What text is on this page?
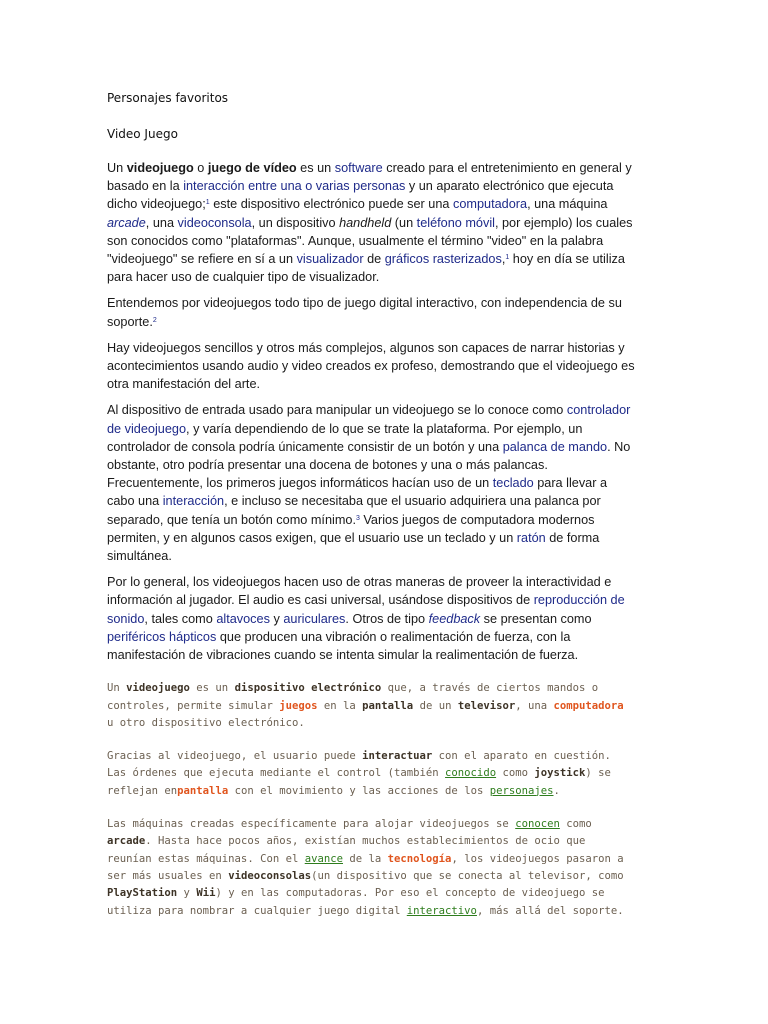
Personajes favoritos

Video Juego

Un videojuego o juego de vídeo es un software creado para el entretenimiento en general y basado en la interacción entre una o varias personas y un aparato electrónico que ejecuta dicho videojuego;$^1$ este dispositivo electrónico puede ser una computadora, una máquina arcade, una videoconsola, un dispositivo handheld (un teléfono móvil, por ejemplo) los cuales son conocidos como "plataformas". Aunque, usualmente el término "video" en la palabra "videojuego" se refiere en sí a un visualizador de gráficos rasterizados,$^1$ hoy en día se utiliza para hacer uso de cualquier tipo de visualizador.

Entendemos por videojuegos todo tipo de juego digital interactivo, con independencia de su soporte.$^2$

Hay videojuegos sencillos y otros más complejos, algunos son capaces de narrar historias y acontecimientos usando audio y video creados ex profeso, demostrando que el videojuego es otra manifestación del arte.

Al dispositivo de entrada usado para manipular un videojuego se lo conoce como controlador de videojuego, y varía dependiendo de lo que se trate la plataforma. Por ejemplo, un controlador de consola podría únicamente consistir de un botón y una palanca de mando. No obstante, otro podría presentar una docena de botones y una o más palancas. Frecuentemente, los primeros juegos informáticos hacían uso de un teclado para llevar a cabo una interacción, e incluso se necesitaba que el usuario adquiriera una palanca por separado, que tenía un botón como mínimo.$^3$ Varios juegos de computadora modernos permiten, y en algunos casos exigen, que el usuario use un teclado y un ratón de forma simultánea.

Por lo general, los videojuegos hacen uso de otras maneras de proveer la interactividad e información al jugador. El audio es casi universal, usándose dispositivos de reproducción de sonido, tales como altavoces y auriculares. Otros de tipo feedback se presentan como periféricos hápticos que producen una vibración o realimentación de fuerza, con la manifestación de vibraciones cuando se intenta simular la realimentación de fuerza.

Un videojuego es un dispositivo electrónico que, a través de ciertos mandos o controles, permite simular juegos en la pantalla de un televisor, una computadora u otro dispositivo electrónico.

Gracias al videojuego, el usuario puede interactuar con el aparato en cuestión. Las órdenes que ejecuta mediante el control (también conocido como joystick) se reflejan enpantalla con el movimiento y las acciones de los personajes.

Las máquinas creadas específicamente para alojar videojuegos se conocen como arcade. Hasta hace pocos años, existían muchos establecimientos de ocio que reunían estas máquinas. Con el avance de la tecnología, los videojuegos pasaron a ser más usuales en videoconsolas(un dispositivo que se conecta al televisor, como PlayStation y Wii) y en las computadoras. Por eso el concepto de videojuego se utiliza para nombrar a cualquier juego digital interactivo, más allá del soporte.
